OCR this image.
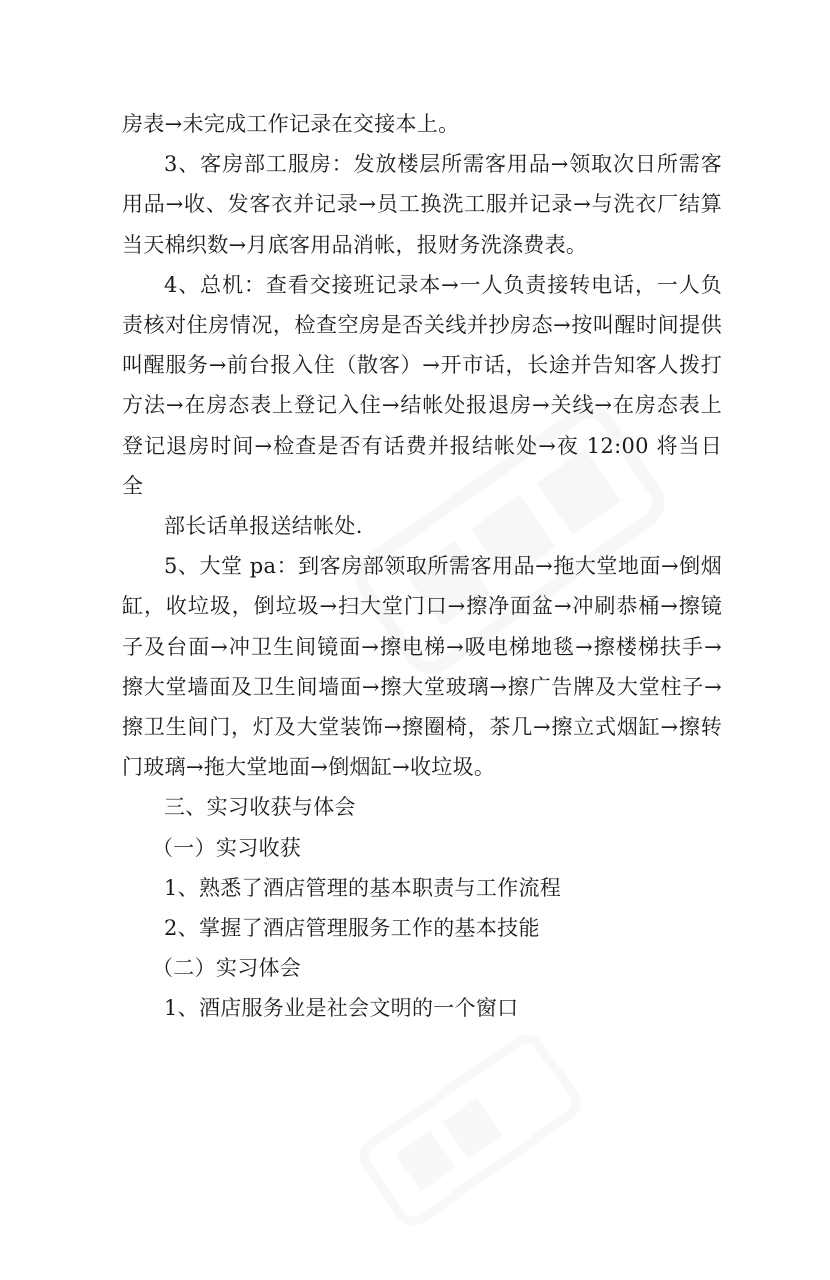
房表→未完成工作记录在交接本上。

3、客房部工服房：发放楼层所需客用品→领取次日所需客用品→收、发客衣并记录→员工换洗工服并记录→与洗衣厂结算当天棉织数→月底客用品消帐，报财务洗涤费表。

4、总机：查看交接班记录本→一人负责接转电话，一人负责核对住房情况，检查空房是否关线并抄房态→按叫醒时间提供叫醒服务→前台报入住（散客）→开市话，长途并告知客人拨打方法→在房态表上登记入住→结帐处报退房→关线→在房态表上登记退房时间→检查是否有话费并报结帐处→夜 12:00 将当日全

部长话单报送结帐处.

5、大堂 pa：到客房部领取所需客用品→拖大堂地面→倒烟缸，收垃圾，倒垃圾→扫大堂门口→擦净面盆→冲刷恭桶→擦镜子及台面→冲卫生间镜面→擦电梯→吸电梯地毯→擦楼梯扶手→擦大堂墙面及卫生间墙面→擦大堂玻璃→擦广告牌及大堂柱子→擦卫生间门，灯及大堂装饰→擦圈椅，茶几→擦立式烟缸→擦转门玻璃→拖大堂地面→倒烟缸→收垃圾。

三、实习收获与体会

（一）实习收获

1、熟悉了酒店管理的基本职责与工作流程

2、掌握了酒店管理服务工作的基本技能

（二）实习体会

1、酒店服务业是社会文明的一个窗口
